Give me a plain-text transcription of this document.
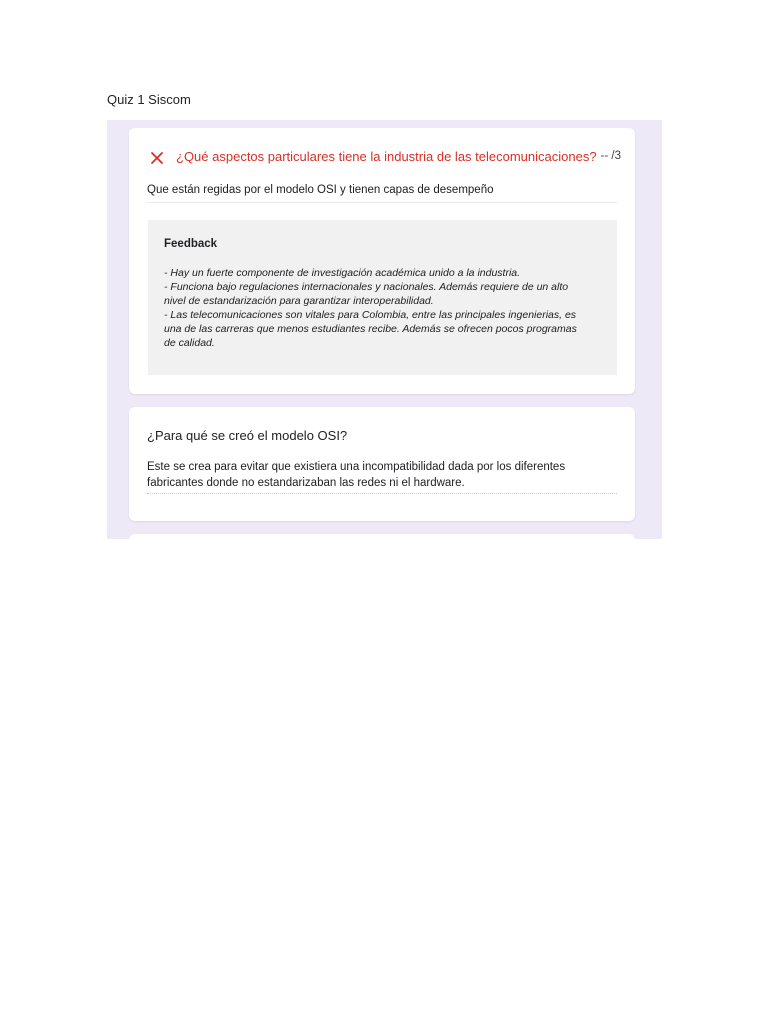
Quiz 1 Siscom
¿Qué aspectos particulares tiene la industria de las telecomunicaciones? -- /3
Que están regidas por el modelo OSI y tienen capas de desempeño
Feedback
- Hay un fuerte componente de investigación académica unido a la industria.
- Funciona bajo regulaciones internacionales y nacionales. Además requiere de un alto
nivel de estandarización para garantizar interoperabilidad.
- Las telecomunicaciones son vitales para Colombia, entre las principales ingenierias, es
una de las carreras que menos estudiantes recibe. Además se ofrecen pocos programas
de calidad.
¿Para qué se creó el modelo OSI?
Este se crea para evitar que existiera una incompatibilidad dada por los diferentes
fabricantes donde no estandarizaban las redes ni el hardware.
